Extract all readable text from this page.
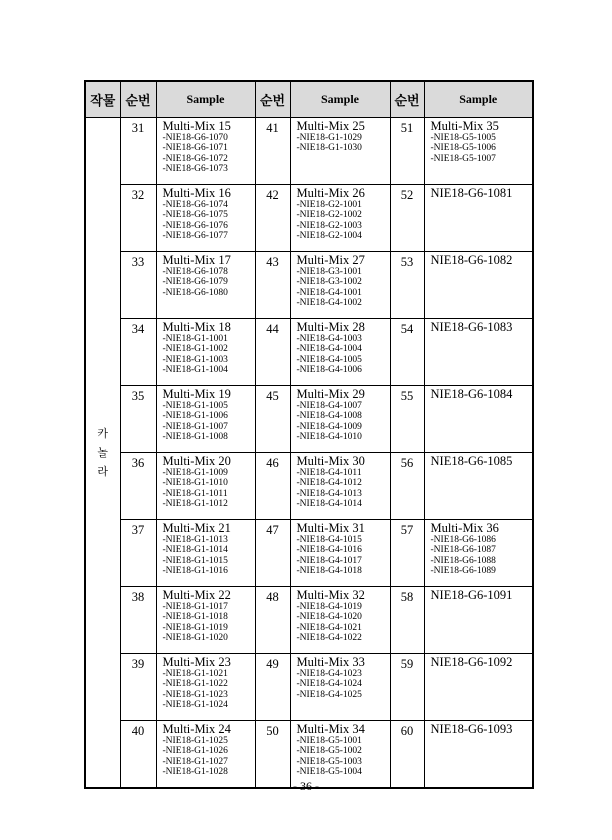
작물	순번	Sample	순번	Sample	순번	Sample

카
놀
라	31	Multi-Mix 15
-NIE18-G6-1070
-NIE18-G6-1071
-NIE18-G6-1072
-NIE18-G6-1073	41	Multi-Mix 25
-NIE18-G1-1029
-NIE18-G1-1030	51	Multi-Mix 35
-NIE18-G5-1005
-NIE18-G5-1006
-NIE18-G5-1007

	32	Multi-Mix 16
-NIE18-G6-1074
-NIE18-G6-1075
-NIE18-G6-1076
-NIE18-G6-1077	42	Multi-Mix 26
-NIE18-G2-1001
-NIE18-G2-1002
-NIE18-G2-1003
-NIE18-G2-1004	52	NIE18-G6-1081

	33	Multi-Mix 17
-NIE18-G6-1078
-NIE18-G6-1079
-NIE18-G6-1080	43	Multi-Mix 27
-NIE18-G3-1001
-NIE18-G3-1002
-NIE18-G4-1001
-NIE18-G4-1002	53	NIE18-G6-1082

	34	Multi-Mix 18
-NIE18-G1-1001
-NIE18-G1-1002
-NIE18-G1-1003
-NIE18-G1-1004	44	Multi-Mix 28
-NIE18-G4-1003
-NIE18-G4-1004
-NIE18-G4-1005
-NIE18-G4-1006	54	NIE18-G6-1083

	35	Multi-Mix 19
-NIE18-G1-1005
-NIE18-G1-1006
-NIE18-G1-1007
-NIE18-G1-1008	45	Multi-Mix 29
-NIE18-G4-1007
-NIE18-G4-1008
-NIE18-G4-1009
-NIE18-G4-1010	55	NIE18-G6-1084

	36	Multi-Mix 20
-NIE18-G1-1009
-NIE18-G1-1010
-NIE18-G1-1011
-NIE18-G1-1012	46	Multi-Mix 30
-NIE18-G4-1011
-NIE18-G4-1012
-NIE18-G4-1013
-NIE18-G4-1014	56	NIE18-G6-1085

	37	Multi-Mix 21
-NIE18-G1-1013
-NIE18-G1-1014
-NIE18-G1-1015
-NIE18-G1-1016	47	Multi-Mix 31
-NIE18-G4-1015
-NIE18-G4-1016
-NIE18-G4-1017
-NIE18-G4-1018	57	Multi-Mix 36
-NIE18-G6-1086
-NIE18-G6-1087
-NIE18-G6-1088
-NIE18-G6-1089

	38	Multi-Mix 22
-NIE18-G1-1017
-NIE18-G1-1018
-NIE18-G1-1019
-NIE18-G1-1020	48	Multi-Mix 32
-NIE18-G4-1019
-NIE18-G4-1020
-NIE18-G4-1021
-NIE18-G4-1022	58	NIE18-G6-1091

	39	Multi-Mix 23
-NIE18-G1-1021
-NIE18-G1-1022
-NIE18-G1-1023
-NIE18-G1-1024	49	Multi-Mix 33
-NIE18-G4-1023
-NIE18-G4-1024
-NIE18-G4-1025	59	NIE18-G6-1092

	40	Multi-Mix 24
-NIE18-G1-1025
-NIE18-G1-1026
-NIE18-G1-1027
-NIE18-G1-1028	50	Multi-Mix 34
-NIE18-G5-1001
-NIE18-G5-1002
-NIE18-G5-1003
-NIE18-G5-1004	60	NIE18-G6-1093
- 36 -
